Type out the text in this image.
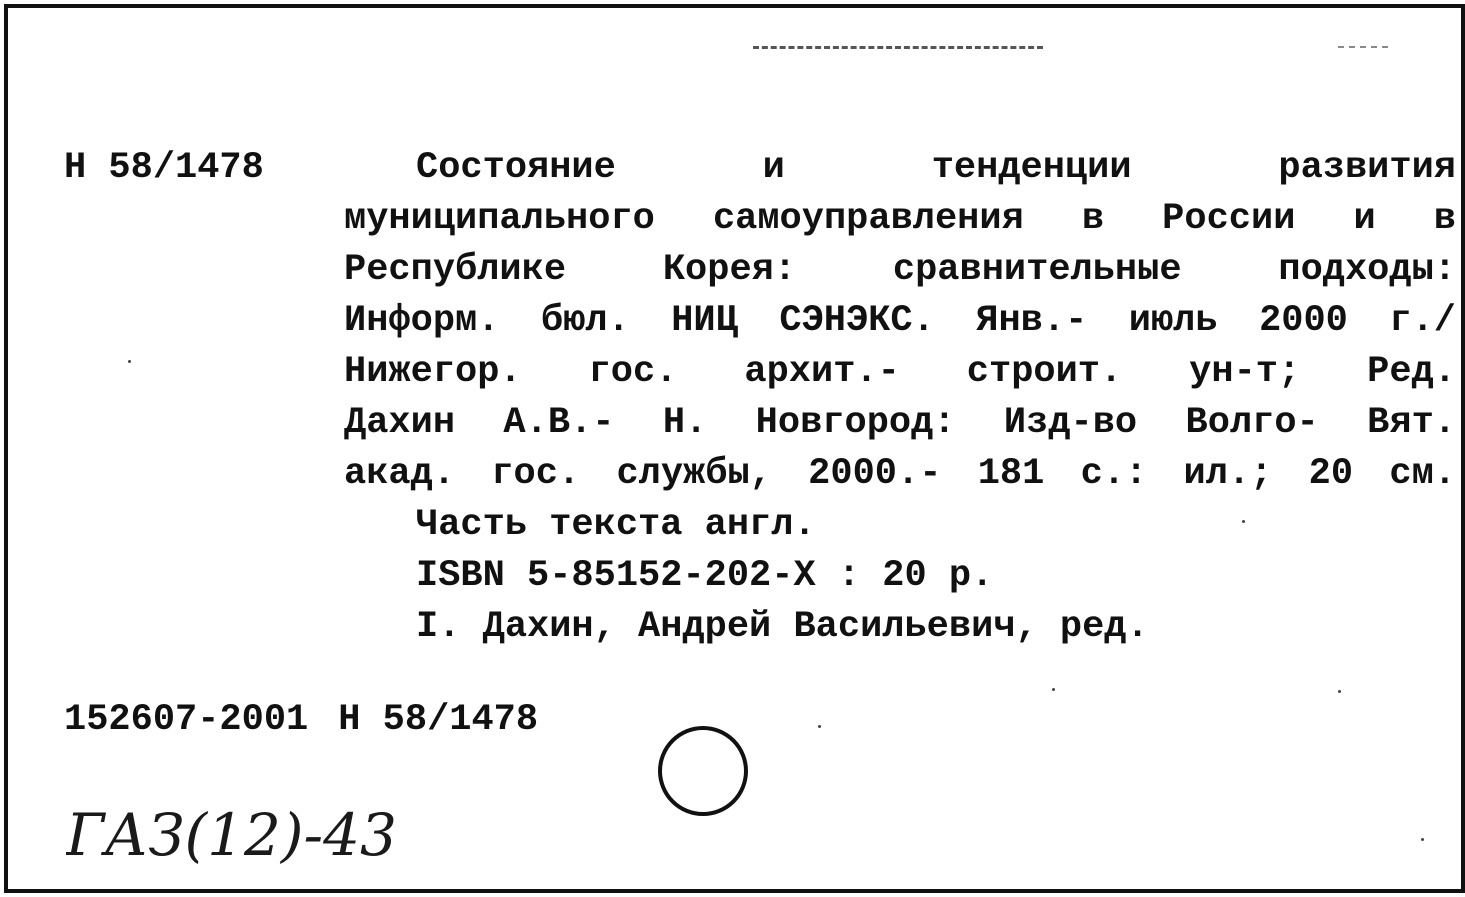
Н 58/1478	Состояние и тенденции развития
муниципального самоуправления в России и в
Республике Корея: сравнительные подходы:
Информ. бюл. НИЦ СЭНЭКС. Янв.- июль 2000 г./
Нижегор. гос. архит.- строит. ун-т; Ред.
Дахин А.В.- Н. Новгород: Изд-во Волго- Вят.
акад. гос. службы, 2000.- 181 с.: ил.; 20 см.
Часть текста англ.
ISBN 5-85152-202-X : 20 р.
I. Дахин, Андрей Васильевич, ред.
152607-2001 Н 58/1478
ГАЗ(12)-43
